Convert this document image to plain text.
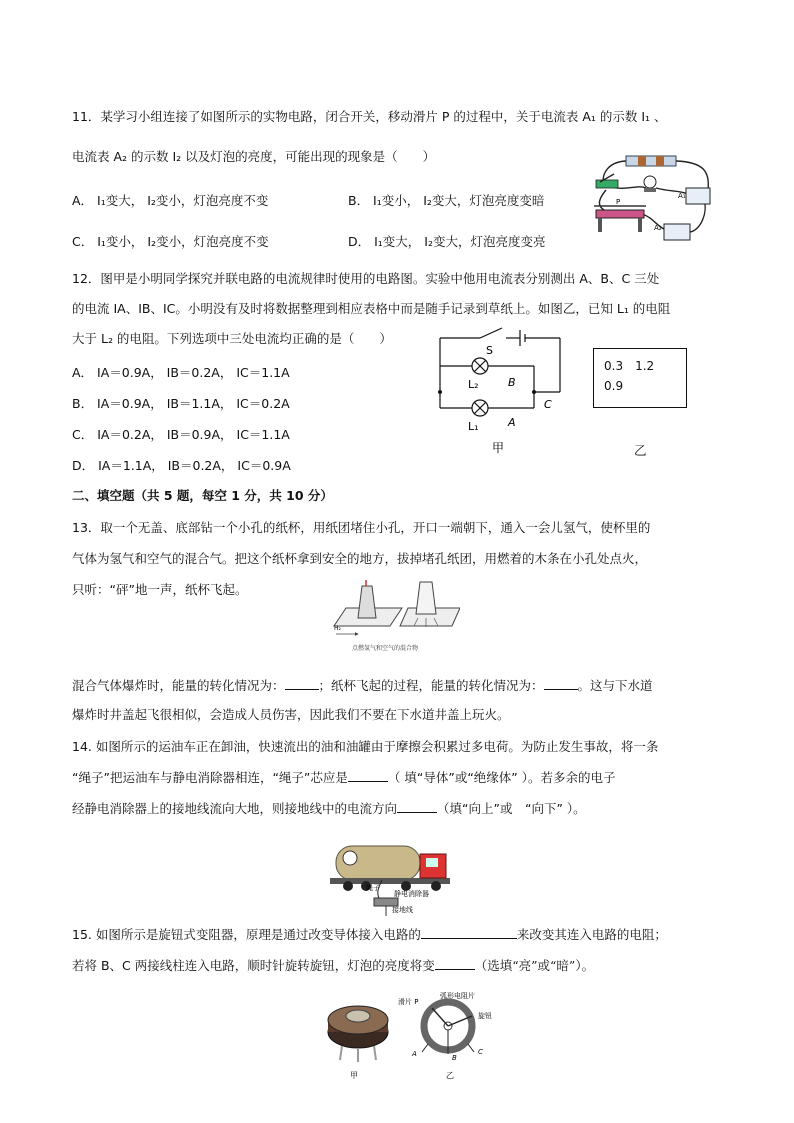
11．某学习小组连接了如图所示的实物电路，闭合开关，移动滑片 P 的过程中，关于电流表 A₁ 的示数 I₁ 、
电流表 A₂ 的示数 I₂ 以及灯泡的亮度，可能出现的现象是（　　）
A． I₁变大， I₂变小，灯泡亮度不变	B． I₁变小， I₂变大，灯泡亮度变暗
C． I₁变小， I₂变小，灯泡亮度不变	D． I₁变大， I₂变大，灯泡亮度变亮
A₁
P
A₂
12．图甲是小明同学探究并联电路的电流规律时使用的电路图。实验中他用电流表分别测出 A、B、C 三处
的电流 IA、IB、IC。小明没有及时将数据整理到相应表格中而是随手记录到草纸上。如图乙，已知 L₁ 的电阻
大于 L₂ 的电阻。下列选项中三处电流均正确的是（　　）
A． IA＝0.9A， IB＝0.2A， IC＝1.1A
B． IA＝0.9A， IB＝1.1A， IC＝0.2A
C． IA＝0.2A， IB＝0.9A， IC＝1.1A
D． IA＝1.1A， IB＝0.2A， IC＝0.9A
S
L₂	B
L₁	A
C
甲
0.3　1.2
0.9
乙
二、填空题（共 5 题，每空 1 分，共 10 分）
13．取一个无盖、底部钻一个小孔的纸杯，用纸团堵住小孔，开口一端朝下，通入一会儿氢气，使杯里的
气体为氢气和空气的混合气。把这个纸杯拿到安全的地方，拔掉堵孔纸团，用燃着的木条在小孔处点火，
只听：“砰”地一声，纸杯飞起。
H₂
点燃氢气和空气的混合物
混合气体爆炸时，能量的转化情况为：	；纸杯飞起的过程，能量的转化情况为：	。这与下水道
爆炸时井盖起飞很相似，会造成人员伤害，因此我们不要在下水道井盖上玩火。
14. 如图所示的运油车正在卸油，快速流出的油和油罐由于摩擦会积累过多电荷。为防止发生事故，将一条
“绳子”把运油车与静电消除器相连，“绳子”芯应是	（ 填“导体”或“绝缘体” ）。若多余的电子
经静电消除器上的接地线流向大地，则接地线中的电流方向	（填“向上”或　“向下” ）。
绳子
静电消除器
接地线
15. 如图所示是旋钮式变阻器，原理是通过改变导体接入电路的	来改变其连入电路的电阻；
若将 B、C 两接线柱连入电路，顺时针旋转旋钮，灯泡的亮度将变	（选填“亮”或“暗”）。
甲
滑片 P
弧形电阻片
旋钮
A	B
C
乙
